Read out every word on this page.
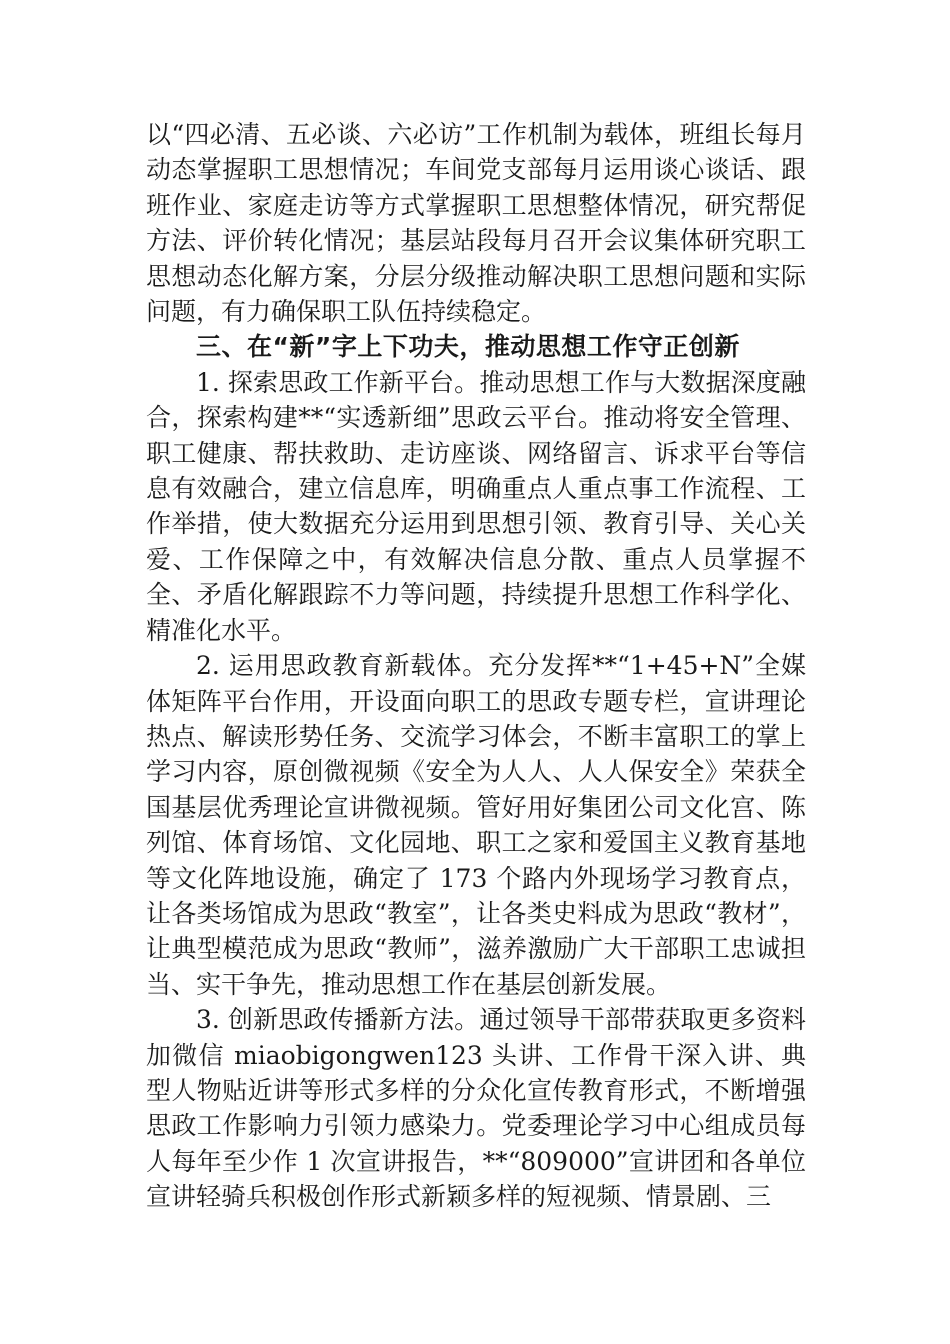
以“四必清、五必谈、六必访”工作机制为载体，班组长每月动态掌握职工思想情况；车间党支部每月运用谈心谈话、跟班作业、家庭走访等方式掌握职工思想整体情况，研究帮促方法、评价转化情况；基层站段每月召开会议集体研究职工思想动态化解方案，分层分级推动解决职工思想问题和实际问题，有力确保职工队伍持续稳定。

三、在“新”字上下功夫，推动思想工作守正创新

1. 探索思政工作新平台。推动思想工作与大数据深度融合，探索构建**“实透新细”思政云平台。推动将安全管理、职工健康、帮扶救助、走访座谈、网络留言、诉求平台等信息有效融合，建立信息库，明确重点人重点事工作流程、工作举措，使大数据充分运用到思想引领、教育引导、关心关爱、工作保障之中，有效解决信息分散、重点人员掌握不全、矛盾化解跟踪不力等问题，持续提升思想工作科学化、精准化水平。

2. 运用思政教育新载体。充分发挥**“1+45+N”全媒体矩阵平台作用，开设面向职工的思政专题专栏，宣讲理论热点、解读形势任务、交流学习体会，不断丰富职工的掌上学习内容，原创微视频《安全为人人、人人保安全》荣获全国基层优秀理论宣讲微视频。管好用好集团公司文化宫、陈列馆、体育场馆、文化园地、职工之家和爱国主义教育基地等文化阵地设施，确定了 173 个路内外现场学习教育点，让各类场馆成为思政“教室”，让各类史料成为思政“教材”，让典型模范成为思政“教师”，滋养激励广大干部职工忠诚担当、实干争先，推动思想工作在基层创新发展。

3. 创新思政传播新方法。通过领导干部带获取更多资料加微信 miaobigongwen123 头讲、工作骨干深入讲、典型人物贴近讲等形式多样的分众化宣传教育形式，不断增强思政工作影响力引领力感染力。党委理论学习中心组成员每人每年至少作 1 次宣讲报告，**“809000”宣讲团和各单位宣讲轻骑兵积极创作形式新颖多样的短视频、情景剧、三
